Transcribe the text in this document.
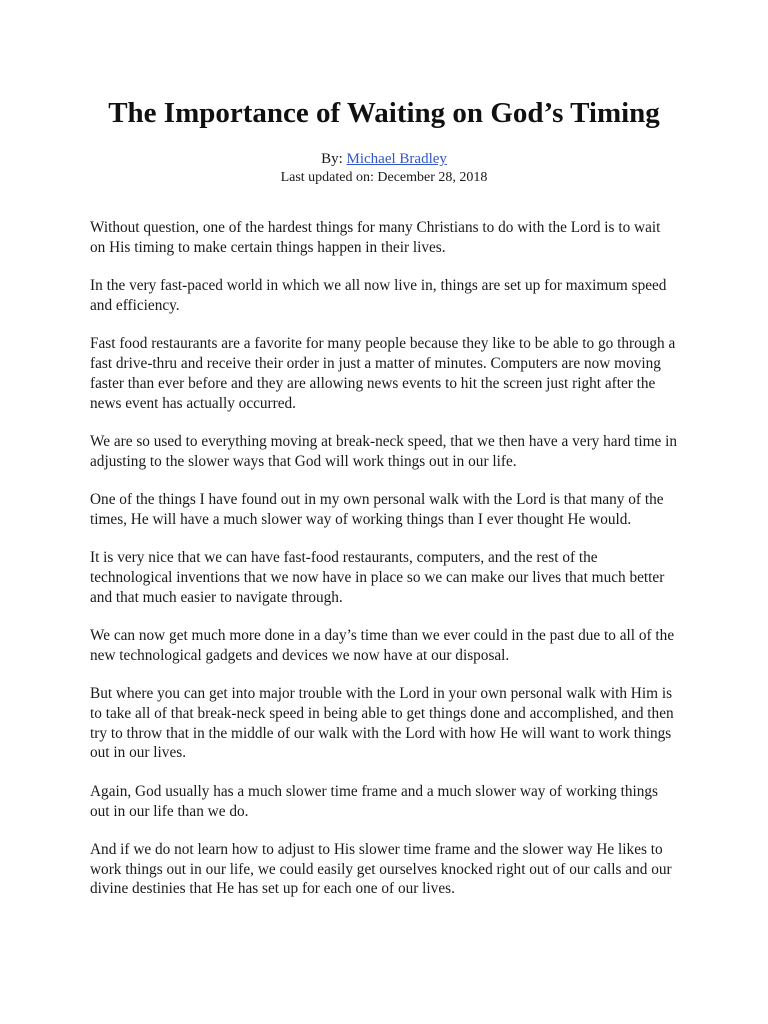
The Importance of Waiting on God’s Timing
By: Michael Bradley
Last updated on: December 28, 2018

Without question, one of the hardest things for many Christians to do with the Lord is to wait on His timing to make certain things happen in their lives.

In the very fast-paced world in which we all now live in, things are set up for maximum speed and efficiency.

Fast food restaurants are a favorite for many people because they like to be able to go through a fast drive-thru and receive their order in just a matter of minutes. Computers are now moving faster than ever before and they are allowing news events to hit the screen just right after the news event has actually occurred.

We are so used to everything moving at break-neck speed, that we then have a very hard time in adjusting to the slower ways that God will work things out in our life.

One of the things I have found out in my own personal walk with the Lord is that many of the times, He will have a much slower way of working things than I ever thought He would.

It is very nice that we can have fast-food restaurants, computers, and the rest of the technological inventions that we now have in place so we can make our lives that much better and that much easier to navigate through.

We can now get much more done in a day’s time than we ever could in the past due to all of the new technological gadgets and devices we now have at our disposal.

But where you can get into major trouble with the Lord in your own personal walk with Him is to take all of that break-neck speed in being able to get things done and accomplished, and then try to throw that in the middle of our walk with the Lord with how He will want to work things out in our lives.

Again, God usually has a much slower time frame and a much slower way of working things out in our life than we do.

And if we do not learn how to adjust to His slower time frame and the slower way He likes to work things out in our life, we could easily get ourselves knocked right out of our calls and our divine destinies that He has set up for each one of our lives.
